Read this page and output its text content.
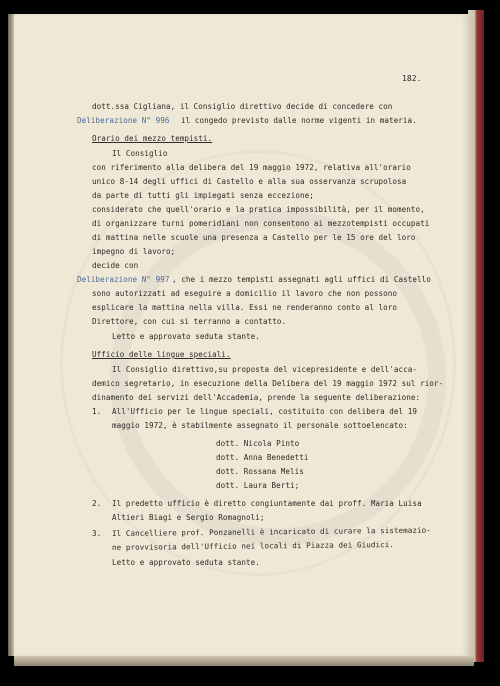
182.
dott.ssa Cigliana, il Consiglio direttivo decide di concedere con
Deliberazione N° 996 il congedo previsto dalle norme vigenti in materia.
Orario dei mezzo tempisti.
Il Consiglio
con riferimento alla delibera del 19 maggio 1972, relativa all'orario
unico 8-14 degli uffici di Castello e alla sua osservanza scrupolosa
da parte di tutti gli impiegati senza eccezione;
considerato che quell'orario e la pratica impossibilità, per il momento,
di organizzare turni pomeridiani non consentono ai mezzotempisti occupati
di mattina nelle scuole una presenza a Castello per le 15 ore del loro
impegno di lavoro;
decide con
Deliberazione N° 997 , che i mezzo tempisti assegnati agli uffici di Castello
sono autorizzati ad eseguire a domicilio il lavoro che non possono
esplicare la mattina nella villa. Essi ne renderanno conto al loro
Direttore, con cui si terranno a contatto.
Letto e approvato seduta stante.
Ufficio delle lingue speciali.
Il Consiglio direttivo,su proposta del vicepresidente e dell'acca-
demico segretario, in esecuzione della Delibera del 19 maggio 1972 sul rior-
dinamento dei servizi dell'Accademia, prende la seguente deliberazione:
1. All'Ufficio per le lingue speciali, costituito con delibera del 19
maggio 1972, è stabilmente assegnato il personale sottoelencato:
dott. Nicola Pinto
dott. Anna Benedetti
dott. Rossana Melis
dott. Laura Berti;
2. Il predetto ufficio è diretto congiuntamente dai proff. Maria Luisa
Altieri Biagi e Sergio Romagnoli;
3. Il Cancelliere prof. Ponzanelli è incaricato di curare la sistemazio-
ne provvisoria dell'Ufficio nei locali di Piazza dei Giudici.
Letto e approvato seduta stante.
